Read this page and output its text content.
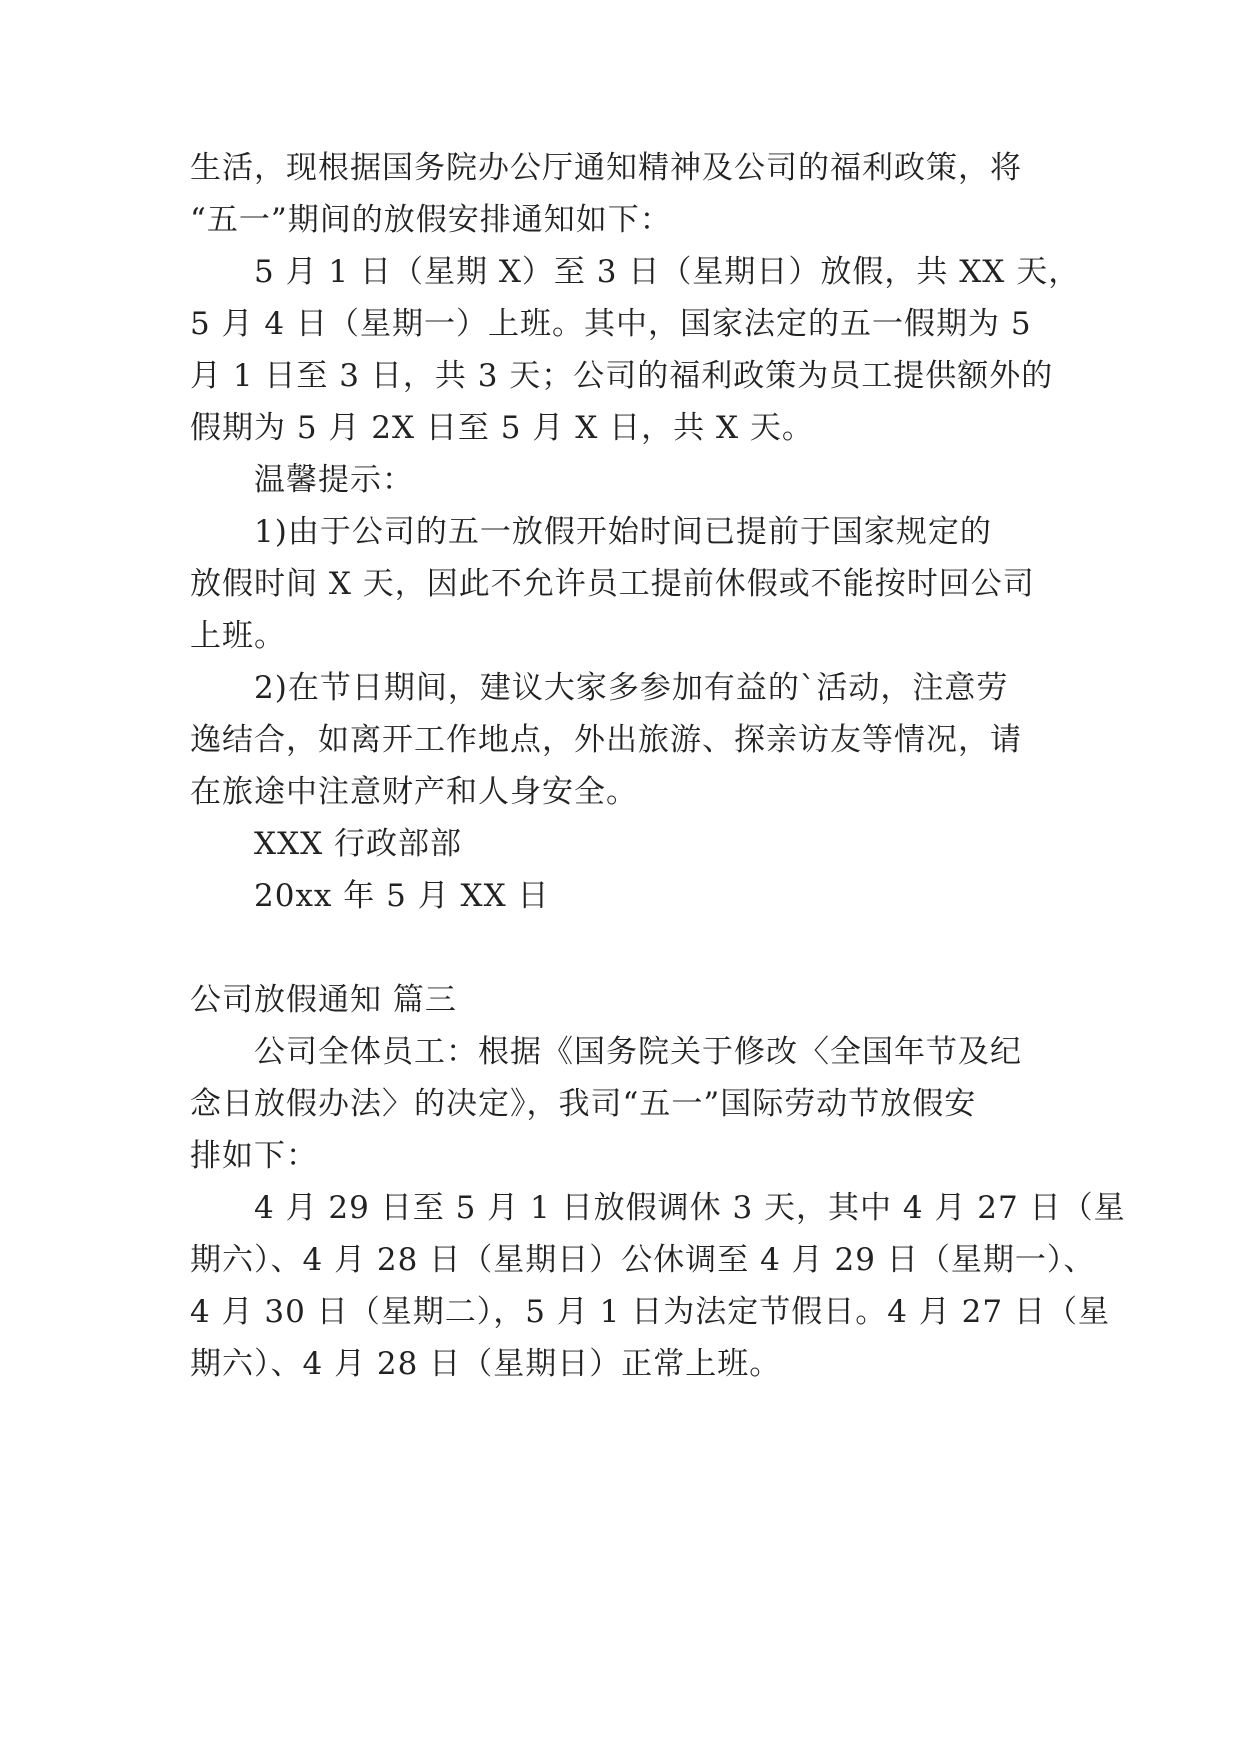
生活，现根据国务院办公厅通知精神及公司的福利政策，将
“五一”期间的放假安排通知如下：
5 月 1 日（星期 X）至 3 日（星期日）放假，共 XX 天，
5 月 4 日（星期一）上班。其中，国家法定的五一假期为 5
月 1 日至 3 日，共 3 天；公司的福利政策为员工提供额外的
假期为 5 月 2X 日至 5 月 X 日，共 X 天。
温馨提示：
1)由于公司的五一放假开始时间已提前于国家规定的
放假时间 X 天，因此不允许员工提前休假或不能按时回公司
上班。
2)在节日期间，建议大家多参加有益的`活动，注意劳
逸结合，如离开工作地点，外出旅游、探亲访友等情况，请
在旅途中注意财产和人身安全。
XXX 行政部部
20xx 年 5 月 XX 日
公司放假通知 篇三
公司全体员工：根据《国务院关于修改〈全国年节及纪
念日放假办法〉的决定》，我司“五一”国际劳动节放假安
排如下：
4 月 29 日至 5 月 1 日放假调休 3 天，其中 4 月 27 日（星
期六）、4 月 28 日（星期日）公休调至 4 月 29 日（星期一）、
4 月 30 日（星期二），5 月 1 日为法定节假日。4 月 27 日（星
期六）、4 月 28 日（星期日）正常上班。
